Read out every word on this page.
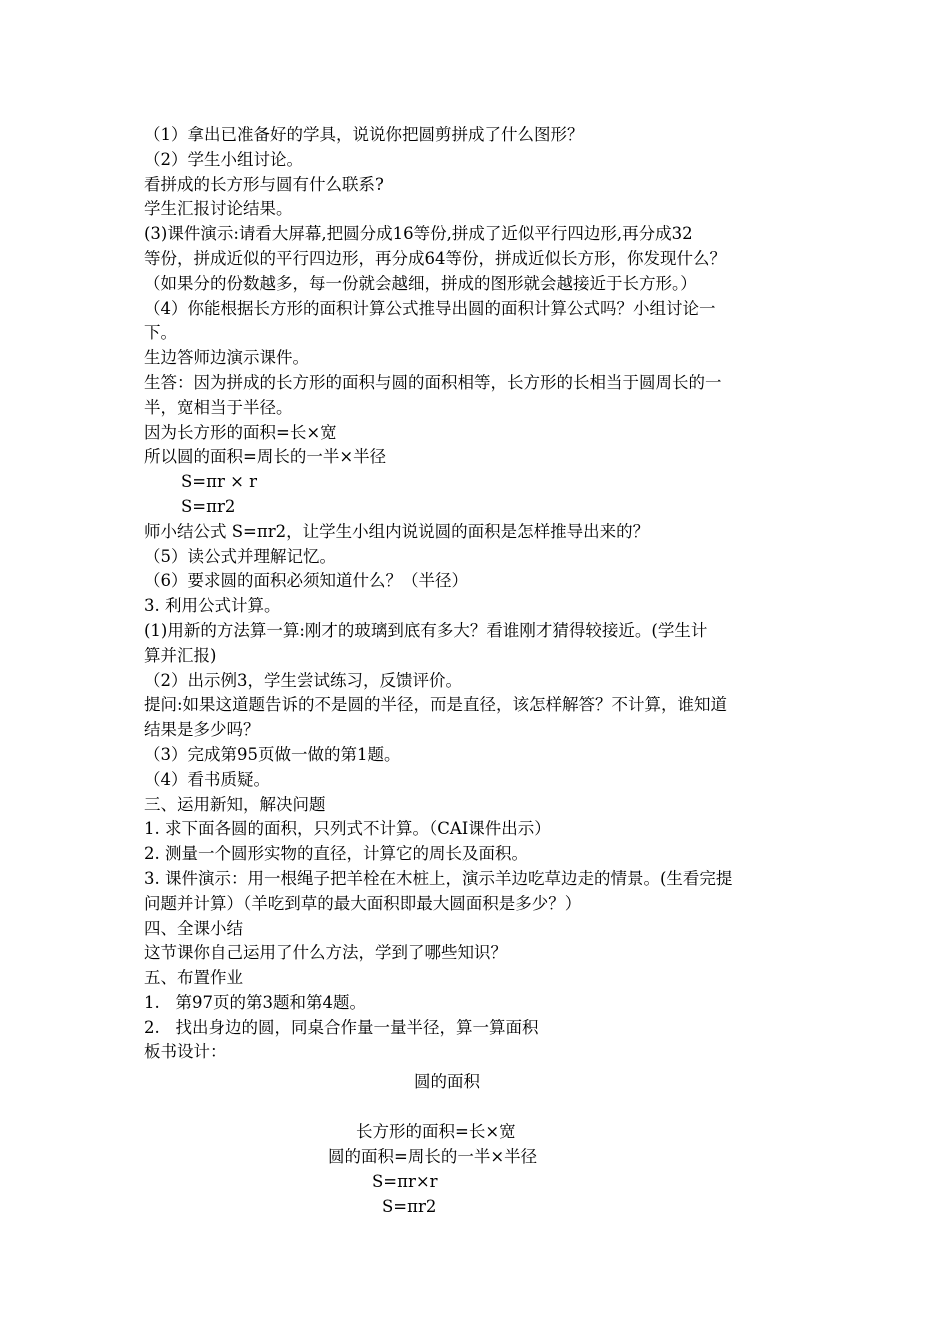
（1）拿出已准备好的学具，说说你把圆剪拼成了什么图形？
（2）学生小组讨论。
看拼成的长方形与圆有什么联系?
学生汇报讨论结果。
(3)课件演示:请看大屏幕,把圆分成16等份,拼成了近似平行四边形,再分成32
等份，拼成近似的平行四边形，再分成64等份，拼成近似长方形，你发现什么？
（如果分的份数越多，每一份就会越细，拼成的图形就会越接近于长方形。）
（4）你能根据长方形的面积计算公式推导出圆的面积计算公式吗？小组讨论一
下。
生边答师边演示课件。
生答：因为拼成的长方形的面积与圆的面积相等，长方形的长相当于圆周长的一
半，宽相当于半径。
因为长方形的面积=长×宽
所以圆的面积=周长的一半×半径
S=πr × r
S=πr2
师小结公式 S=πr2，让学生小组内说说圆的面积是怎样推导出来的？
（5）读公式并理解记忆。
（6）要求圆的面积必须知道什么？（半径）
3. 利用公式计算。
(1)用新的方法算一算:刚才的玻璃到底有多大？看谁刚才猜得较接近。(学生计
算并汇报)
（2）出示例3，学生尝试练习，反馈评价。
提问:如果这道题告诉的不是圆的半径，而是直径，该怎样解答？不计算，谁知道
结果是多少吗？
（3）完成第95页做一做的第1题。
（4）看书质疑。
三、运用新知，解决问题
1. 求下面各圆的面积，只列式不计算。（CAI课件出示）
2. 测量一个圆形实物的直径，计算它的周长及面积。
3. 课件演示：用一根绳子把羊栓在木桩上，演示羊边吃草边走的情景。(生看完提
问题并计算）（羊吃到草的最大面积即最大圆面积是多少？）
四、全课小结
这节课你自己运用了什么方法，学到了哪些知识？
五、布置作业
1.   第97页的第3题和第4题。
2.   找出身边的圆，同桌合作量一量半径，算一算面积
板书设计：
圆的面积
长方形的面积=长×宽
圆的面积=周长的一半×半径
S=πr×r
S=πr2
